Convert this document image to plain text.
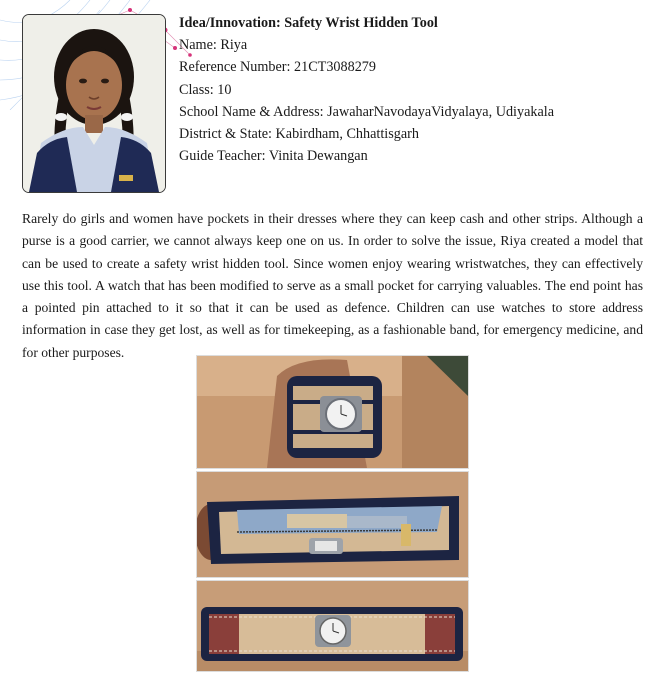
Idea/Innovation: Safety Wrist Hidden Tool
Name: Riya
Reference Number: 21CT3088279
Class: 10
School Name & Address: JawaharNavodayaVidyalaya, Udiyakala
District & State: Kabirdham, Chhattisgarh
Guide Teacher: Vinita Dewangan

Rarely do girls and women have pockets in their dresses where they can keep cash and other strips. Although a purse is a good carrier, we cannot always keep one on us. In order to solve the issue, Riya created a model that can be used to create a safety wrist hidden tool. Since women enjoy wearing wristwatches, they can effectively use this tool. A watch that has been modified to serve as a small pocket for carrying valuables. The end point has a pointed pin attached to it so that it can be used as defence. Children can use watches to store address information in case they get lost, as well as for timekeeping, as a fashionable band, for emergency medicine, and for other purposes.
